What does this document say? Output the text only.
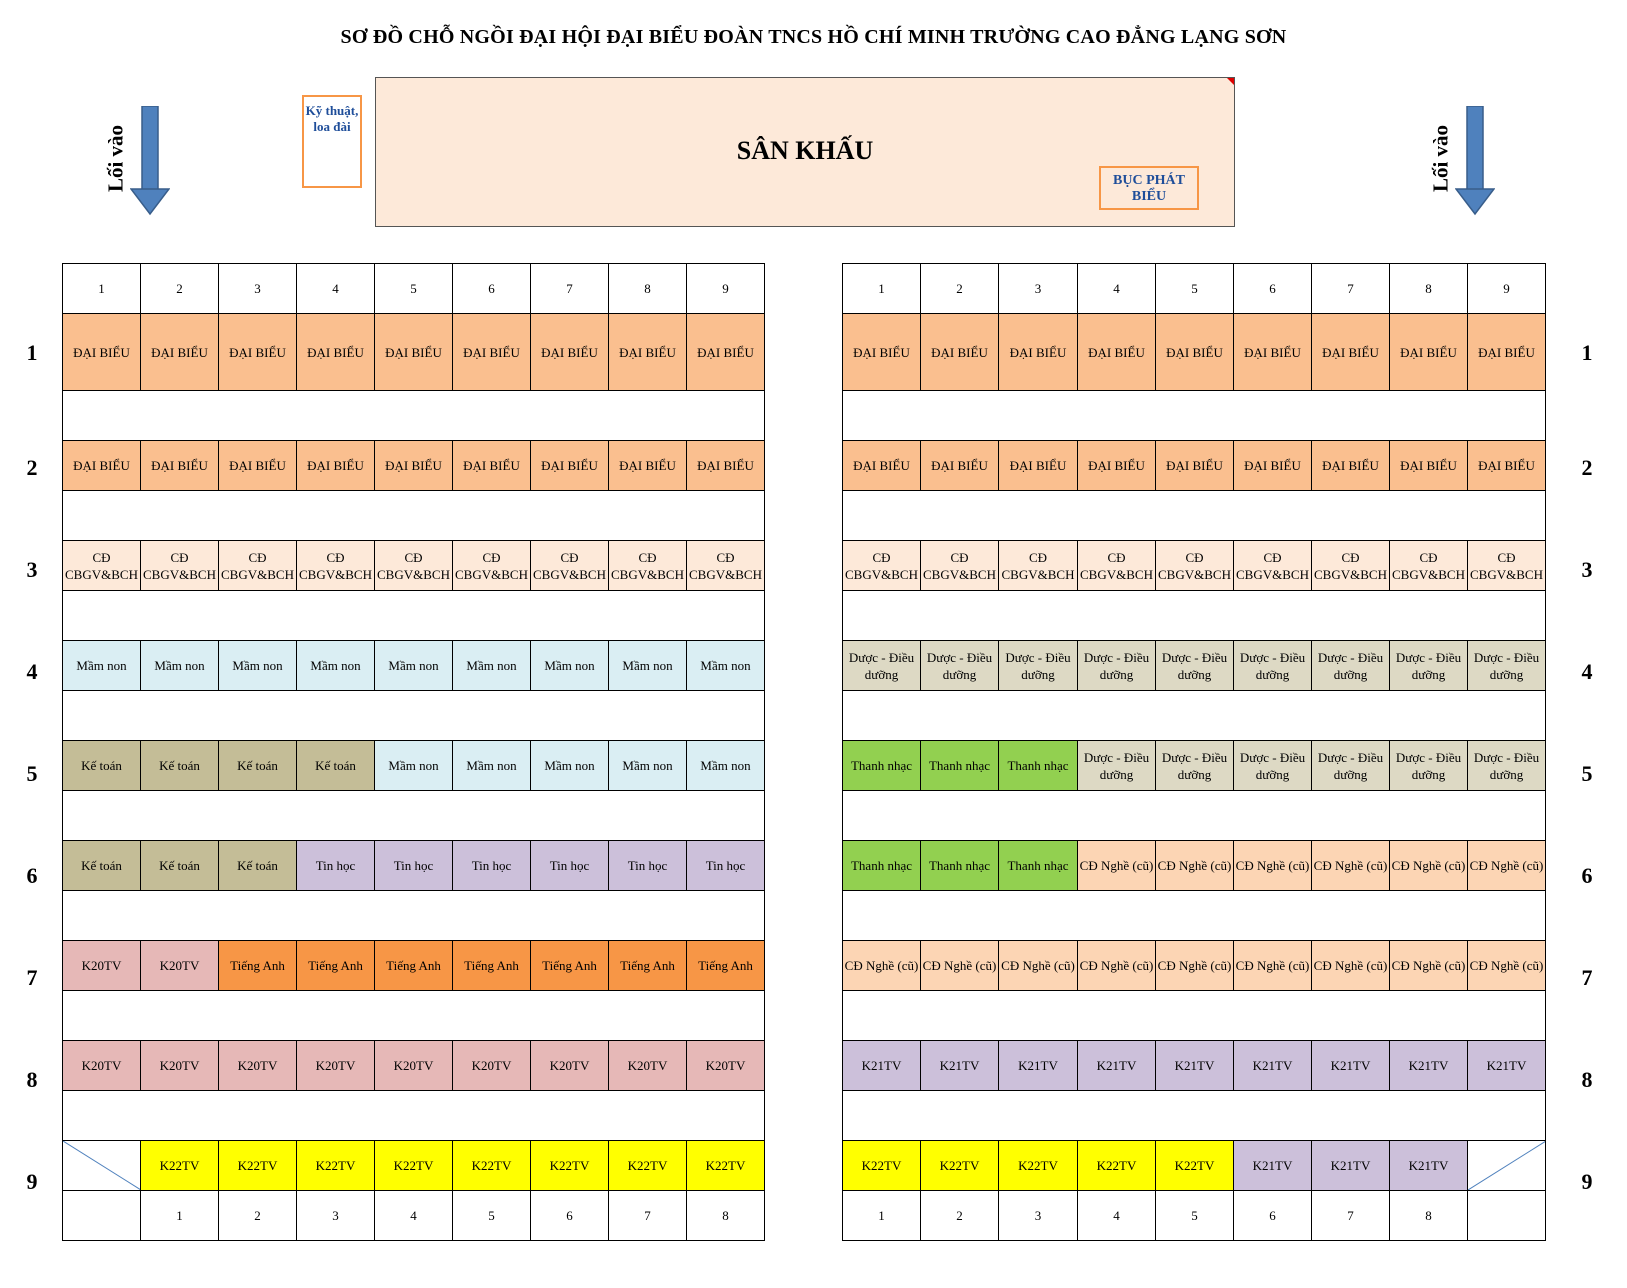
SƠ ĐỒ CHỖ NGỒI ĐẠI HỘI ĐẠI BIỂU ĐOÀN TNCS HỒ CHÍ MINH TRƯỜNG CAO ĐẲNG LẠNG SƠN
Lối vào	Lối vào
Kỹ thuật, loa đài
SÂN KHẤU
BỤC PHÁT BIỂU
1
2
3
4
5
6
7
8
9
1
2
3
4
5
6
7
8
9
1	2	3	4	5	6	7	8	9
ĐẠI BIỂU	ĐẠI BIỂU	ĐẠI BIỂU	ĐẠI BIỂU	ĐẠI BIỂU	ĐẠI BIỂU	ĐẠI BIỂU	ĐẠI BIỂU	ĐẠI BIỂU

ĐẠI BIỂU	ĐẠI BIỂU	ĐẠI BIỂU	ĐẠI BIỂU	ĐẠI BIỂU	ĐẠI BIỂU	ĐẠI BIỂU	ĐẠI BIỂU	ĐẠI BIỂU

CĐ CBGV&BCH	CĐ CBGV&BCH	CĐ CBGV&BCH	CĐ CBGV&BCH	CĐ CBGV&BCH	CĐ CBGV&BCH	CĐ CBGV&BCH	CĐ CBGV&BCH	CĐ CBGV&BCH

Mầm non	Mầm non	Mầm non	Mầm non	Mầm non	Mầm non	Mầm non	Mầm non	Mầm non

Kế toán	Kế toán	Kế toán	Kế toán	Mầm non	Mầm non	Mầm non	Mầm non	Mầm non

Kế toán	Kế toán	Kế toán	Tin học	Tin học	Tin học	Tin học	Tin học	Tin học

K20TV	K20TV	Tiếng Anh	Tiếng Anh	Tiếng Anh	Tiếng Anh	Tiếng Anh	Tiếng Anh	Tiếng Anh

K20TV	K20TV	K20TV	K20TV	K20TV	K20TV	K20TV	K20TV	K20TV

	K22TV	K22TV	K22TV	K22TV	K22TV	K22TV	K22TV	K22TV
	1	2	3	4	5	6	7	8
1	2	3	4	5	6	7	8	9
ĐẠI BIỂU	ĐẠI BIỂU	ĐẠI BIỂU	ĐẠI BIỂU	ĐẠI BIỂU	ĐẠI BIỂU	ĐẠI BIỂU	ĐẠI BIỂU	ĐẠI BIỂU

ĐẠI BIỂU	ĐẠI BIỂU	ĐẠI BIỂU	ĐẠI BIỂU	ĐẠI BIỂU	ĐẠI BIỂU	ĐẠI BIỂU	ĐẠI BIỂU	ĐẠI BIỂU

CĐ CBGV&BCH	CĐ CBGV&BCH	CĐ CBGV&BCH	CĐ CBGV&BCH	CĐ CBGV&BCH	CĐ CBGV&BCH	CĐ CBGV&BCH	CĐ CBGV&BCH	CĐ CBGV&BCH

Dược - Điều dưỡng	Dược - Điều dưỡng	Dược - Điều dưỡng	Dược - Điều dưỡng	Dược - Điều dưỡng	Dược - Điều dưỡng	Dược - Điều dưỡng	Dược - Điều dưỡng	Dược - Điều dưỡng

Thanh nhạc	Thanh nhạc	Thanh nhạc	Dược - Điều dưỡng	Dược - Điều dưỡng	Dược - Điều dưỡng	Dược - Điều dưỡng	Dược - Điều dưỡng	Dược - Điều dưỡng

Thanh nhạc	Thanh nhạc	Thanh nhạc	CĐ Nghề (cũ)	CĐ Nghề (cũ)	CĐ Nghề (cũ)	CĐ Nghề (cũ)	CĐ Nghề (cũ)	CĐ Nghề (cũ)

CĐ Nghề (cũ)	CĐ Nghề (cũ)	CĐ Nghề (cũ)	CĐ Nghề (cũ)	CĐ Nghề (cũ)	CĐ Nghề (cũ)	CĐ Nghề (cũ)	CĐ Nghề (cũ)	CĐ Nghề (cũ)

K21TV	K21TV	K21TV	K21TV	K21TV	K21TV	K21TV	K21TV	K21TV

K22TV	K22TV	K22TV	K22TV	K22TV	K21TV	K21TV	K21TV	

1	2	3	4	5	6	7	8	
